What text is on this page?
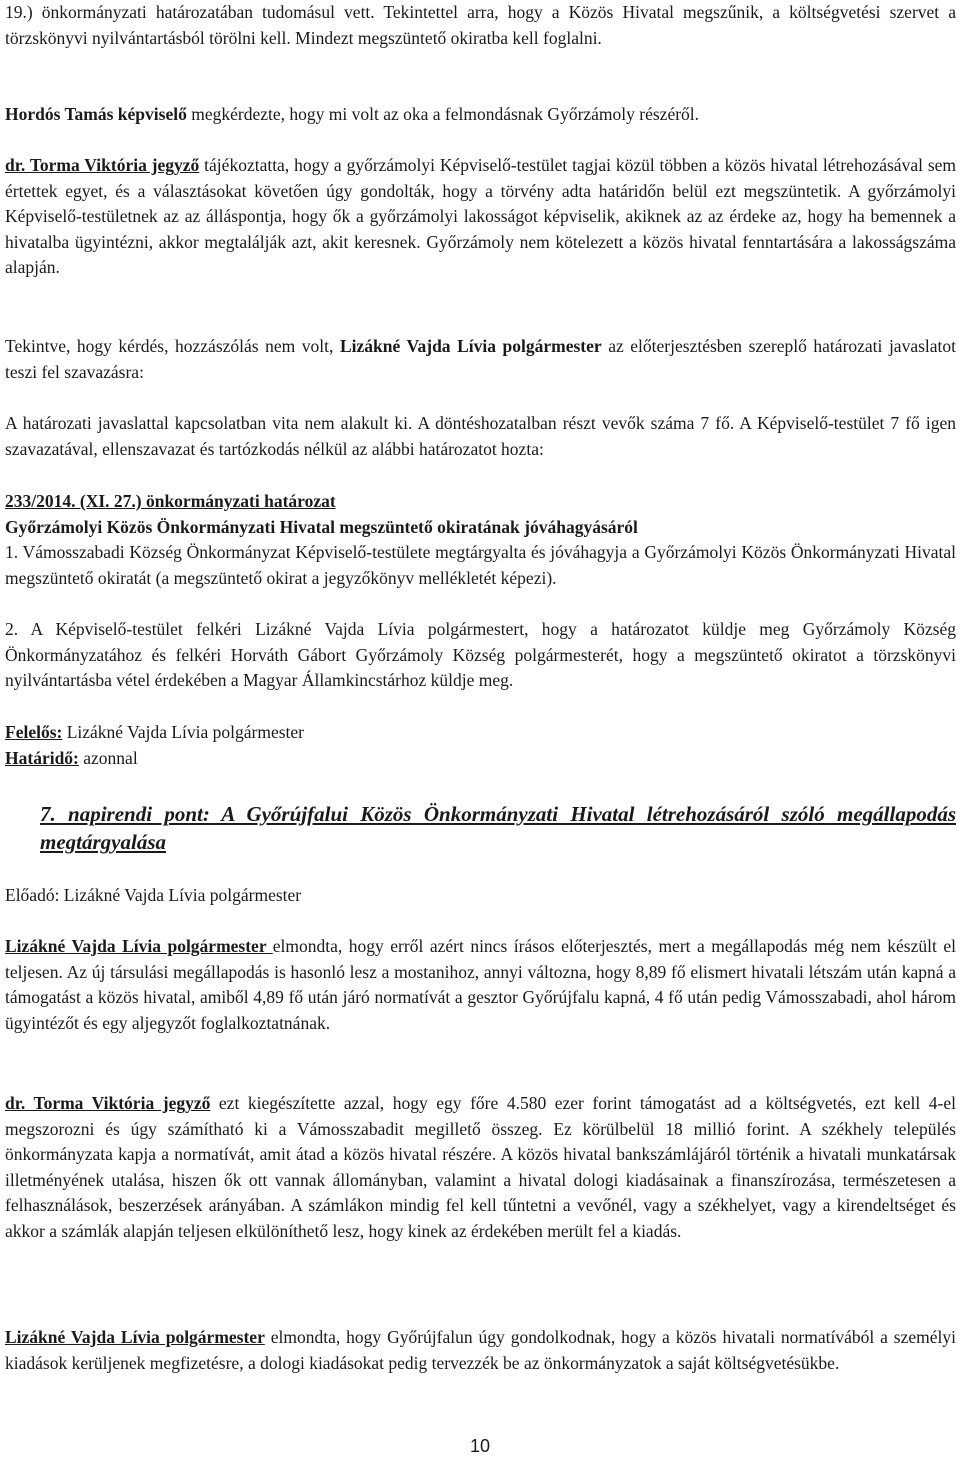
19.) önkormányzati határozatában tudomásul vett. Tekintettel arra, hogy a Közös Hivatal megszűnik, a költségvetési szervet a törzskönyvi nyilvántartásból törölni kell. Mindezt megszüntető okiratba kell foglalni.

Hordós Tamás képviselő megkérdezte, hogy mi volt az oka a felmondásnak Győrzámoly részéről.

dr. Torma Viktória jegyző tájékoztatta, hogy a győrzámolyi Képviselő-testület tagjai közül többen a közös hivatal létrehozásával sem értettek egyet, és a választásokat követően úgy gondolták, hogy a törvény adta határidőn belül ezt megszüntetik. A győrzámolyi Képviselő-testületnek az az álláspontja, hogy ők a győrzámolyi lakosságot képviselik, akiknek az az érdeke az, hogy ha bemennek a hivatalba ügyintézni, akkor megtalálják azt, akit keresnek. Győrzámoly nem kötelezett a közös hivatal fenntartására a lakosságszáma alapján.

Tekintve, hogy kérdés, hozzászólás nem volt, Lizákné Vajda Lívia polgármester az előterjesztésben szereplő határozati javaslatot teszi fel szavazásra:

A határozati javaslattal kapcsolatban vita nem alakult ki. A döntéshozatalban részt vevők száma 7 fő. A Képviselő-testület 7 fő igen szavazatával, ellenszavazat és tartózkodás nélkül az alábbi határozatot hozta:

233/2014. (XI. 27.) önkormányzati határozat

Győrzámolyi Közös Önkormányzati Hivatal megszüntető okiratának jóváhagyásáról

1. Vámosszabadi Község Önkormányzat Képviselő-testülete megtárgyalta és jóváhagyja a Győrzámolyi Közös Önkormányzati Hivatal megszüntető okiratát (a megszüntető okirat a jegyzőkönyv mellékletét képezi).

2. A Képviselő-testület felkéri Lizákné Vajda Lívia polgármestert, hogy a határozatot küldje meg Győrzámoly Község Önkormányzatához és felkéri Horváth Gábort Győrzámoly Község polgármesterét, hogy a megszüntető okiratot a törzskönyvi nyilvántartásba vétel érdekében a Magyar Államkincstárhoz küldje meg.

Felelős: Lizákné Vajda Lívia polgármester

Határidő: azonnal

7. napirendi pont: A Győrújfalui Közös Önkormányzati Hivatal létrehozásáról szóló megállapodás megtárgyalása

Előadó: Lizákné Vajda Lívia polgármester

Lizákné Vajda Lívia polgármester elmondta, hogy erről azért nincs írásos előterjesztés, mert a megállapodás még nem készült el teljesen. Az új társulási megállapodás is hasonló lesz a mostanihoz, annyi változna, hogy 8,89 fő elismert hivatali létszám után kapná a támogatást a közös hivatal, amiből 4,89 fő után járó normatívát a gesztor Győrújfalu kapná, 4 fő után pedig Vámosszabadi, ahol három ügyintézőt és egy aljegyzőt foglalkoztatnának.

dr. Torma Viktória jegyző ezt kiegészítette azzal, hogy egy főre 4.580 ezer forint támogatást ad a költségvetés, ezt kell 4-el megszorozni és úgy számítható ki a Vámosszabadit megillető összeg. Ez körülbelül 18 millió forint. A székhely település önkormányzata kapja a normatívát, amit átad a közös hivatal részére. A közös hivatal bankszámlájáról történik a hivatali munkatársak illetményének utalása, hiszen ők ott vannak állományban, valamint a hivatal dologi kiadásainak a finanszírozása, természetesen a felhasználások, beszerzések arányában. A számlákon mindig fel kell tűntetni a vevőnél, vagy a székhelyet, vagy a kirendeltséget és akkor a számlák alapján teljesen elkülöníthető lesz, hogy kinek az érdekében merült fel a kiadás.

Lizákné Vajda Lívia polgármester elmondta, hogy Győrújfalun úgy gondolkodnak, hogy a közös hivatali normatívából a személyi kiadások kerüljenek megfizetésre, a dologi kiadásokat pedig tervezzék be az önkormányzatok a saját költségvetésükbe.

10
